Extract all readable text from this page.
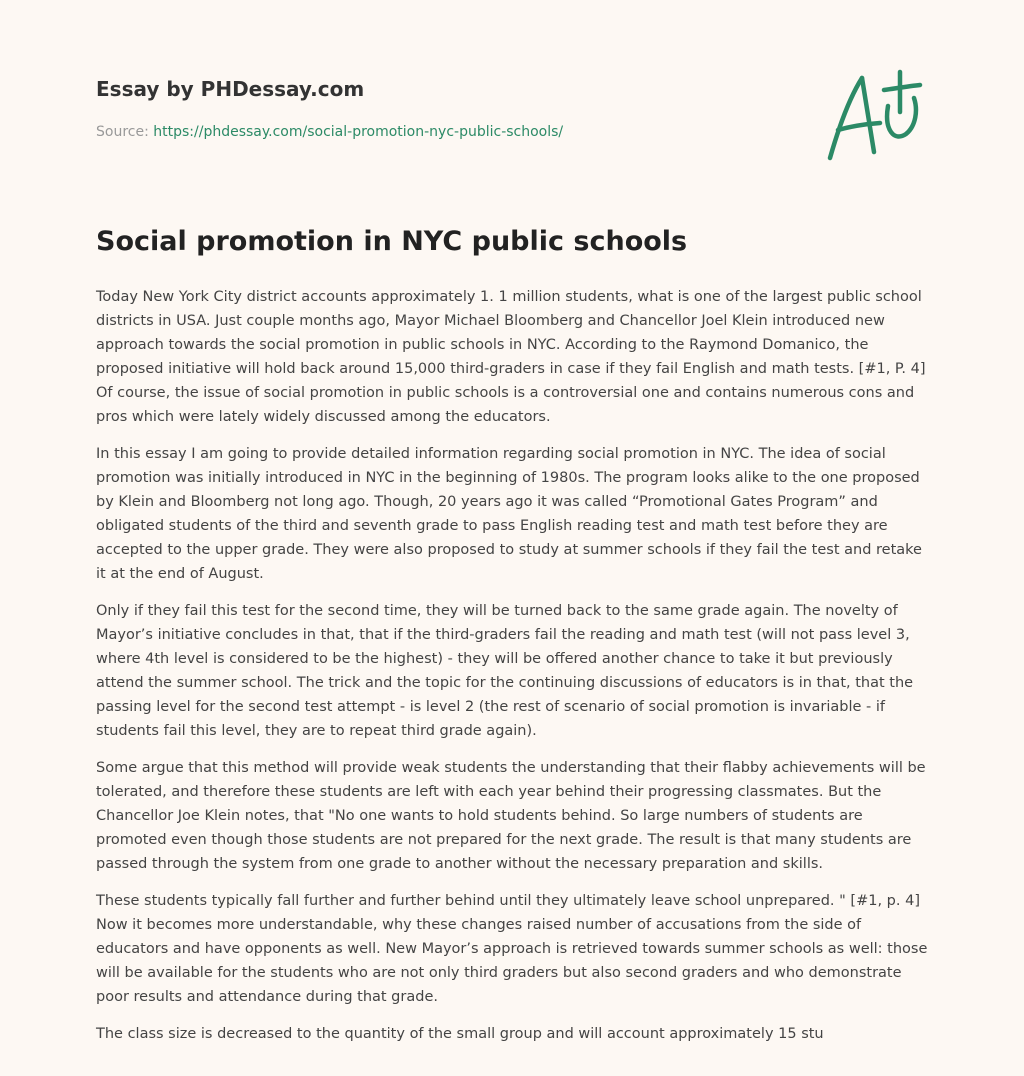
Essay by PHDessay.com
Source: https://phdessay.com/social-promotion-nyc-public-schools/
Social promotion in NYC public schools

Today New York City district accounts approximately 1. 1 million students, what is one of the largest public school districts in USA. Just couple months ago, Mayor Michael Bloomberg and Chancellor Joel Klein introduced new approach towards the social promotion in public schools in NYC. According to the Raymond Domanico, the proposed initiative will hold back around 15,000 third-graders in case if they fail English and math tests. [#1, P. 4] Of course, the issue of social promotion in public schools is a controversial one and contains numerous cons and pros which were lately widely discussed among the educators.

In this essay I am going to provide detailed information regarding social promotion in NYC. The idea of social promotion was initially introduced in NYC in the beginning of 1980s. The program looks alike to the one proposed by Klein and Bloomberg not long ago. Though, 20 years ago it was called “Promotional Gates Program” and obligated students of the third and seventh grade to pass English reading test and math test before they are accepted to the upper grade. They were also proposed to study at summer schools if they fail the test and retake it at the end of August.

Only if they fail this test for the second time, they will be turned back to the same grade again. The novelty of Mayor’s initiative concludes in that, that if the third-graders fail the reading and math test (will not pass level 3, where 4th level is considered to be the highest) - they will be offered another chance to take it but previously attend the summer school. The trick and the topic for the continuing discussions of educators is in that, that the passing level for the second test attempt - is level 2 (the rest of scenario of social promotion is invariable - if students fail this level, they are to repeat third grade again).

Some argue that this method will provide weak students the understanding that their flabby achievements will be tolerated, and therefore these students are left with each year behind their progressing classmates. But the Chancellor Joe Klein notes, that "No one wants to hold students behind. So large numbers of students are promoted even though those students are not prepared for the next grade. The result is that many students are passed through the system from one grade to another without the necessary preparation and skills.

These students typically fall further and further behind until they ultimately leave school unprepared. " [#1, p. 4] Now it becomes more understandable, why these changes raised number of accusations from the side of educators and have opponents as well. New Mayor’s approach is retrieved towards summer schools as well: those will be available for the students who are not only third graders but also second graders and who demonstrate poor results and attendance during that grade.

The class size is decreased to the quantity of the small group and will account approximately 15 stu
